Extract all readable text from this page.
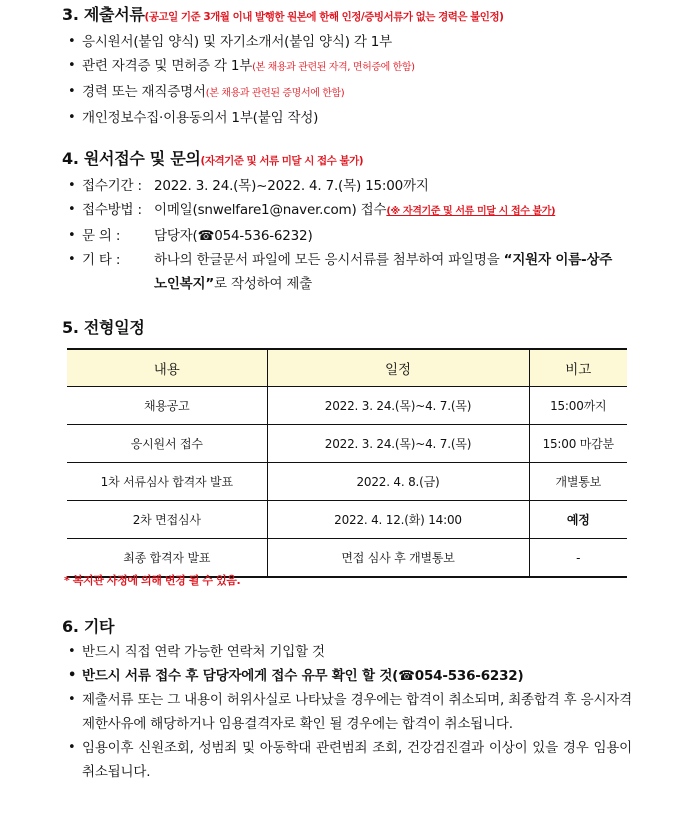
3. 제출서류(공고일 기준 3개월 이내 발행한 원본에 한해 인정/증빙서류가 없는 경력은 불인정)
• 응시원서(붙임 양식) 및 자기소개서(붙임 양식) 각 1부
• 관련 자격증 및 면허증 각 1부(본 채용과 관련된 자격, 면허증에 한함)
• 경력 또는 재직증명서(본 채용과 관련된 증명서에 한함)
• 개인정보수집·이용동의서 1부(붙임 작성)
4. 원서접수 및 문의(자격기준 및 서류 미달 시 접수 불가)
• 접수기간 : 2022. 3. 24.(목)~2022. 4. 7.(목) 15:00까지
• 접수방법 : 이메일(snwelfare1@naver.com) 접수(※ 자격기준 및 서류 미달 시 접수 불가)
• 문 의 :	담당자(☎054-536-6232)
• 기 타 :	하나의 한글문서 파일에 모든 응시서류를 첨부하여 파일명을 “지원자 이름-상주노인복지”로 작성하여 제출
5. 전형일정
내용	일정	비고
채용공고	2022. 3. 24.(목)~4. 7.(목)	15:00까지
응시원서 접수	2022. 3. 24.(목)~4. 7.(목)	15:00 마감분
1차 서류심사 합격자 발표	2022. 4. 8.(금)	개별통보
2차 면접심사	2022. 4. 12.(화) 14:00	예정
최종 합격자 발표	면접 심사 후 개별통보	-
* 복지관 사정에 의해 변경 될 수 있음.
6. 기타
• 반드시 직접 연락 가능한 연락처 기입할 것
• 반드시 서류 접수 후 담당자에게 접수 유무 확인 할 것(☎054-536-6232)
• 제출서류 또는 그 내용이 허위사실로 나타났을 경우에는 합격이 취소되며, 최종합격 후 응시자격 제한사유에 해당하거나 임용결격자로 확인 될 경우에는 합격이 취소됩니다.
• 임용이후 신원조회, 성범죄 및 아동학대 관련범죄 조회, 건강검진결과 이상이 있을 경우 임용이 취소됩니다.
